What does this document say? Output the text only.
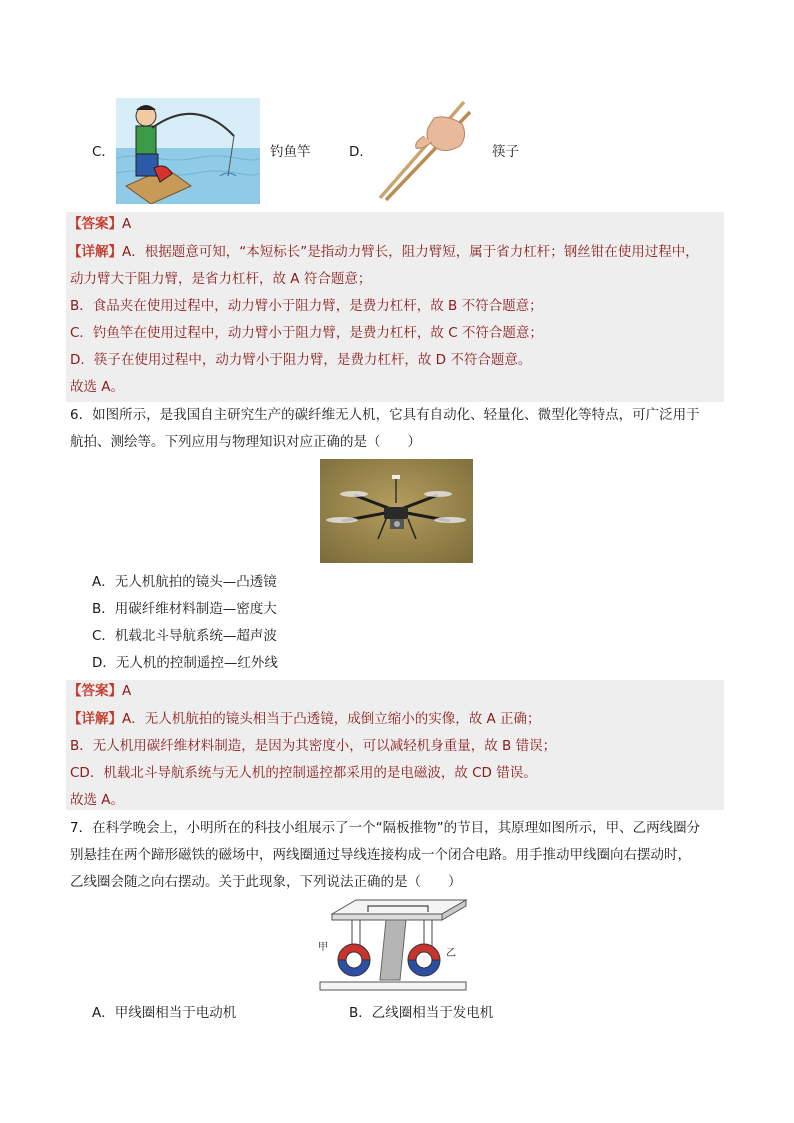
C．	钓鱼竿	D．	筷子
【答案】A
【详解】A．根据题意可知，“本短标长”是指动力臂长，阻力臂短，属于省力杠杆；钢丝钳在使用过程中，
动力臂大于阻力臂，是省力杠杆，故 A 符合题意；
B．食品夹在使用过程中，动力臂小于阻力臂，是费力杠杆，故 B 不符合题意；
C．钓鱼竿在使用过程中，动力臂小于阻力臂，是费力杠杆，故 C 不符合题意；
D．筷子在使用过程中，动力臂小于阻力臂，是费力杠杆，故 D 不符合题意。
故选 A。
6．如图所示，是我国自主研究生产的碳纤维无人机，它具有自动化、轻量化、微型化等特点，可广泛用于
航拍、测绘等。下列应用与物理知识对应正确的是（　　）
A．无人机航拍的镜头—凸透镜
B．用碳纤维材料制造—密度大
C．机载北斗导航系统—超声波
D．无人机的控制遥控—红外线
【答案】A
【详解】A．无人机航拍的镜头相当于凸透镜，成倒立缩小的实像，故 A 正确；
B．无人机用碳纤维材料制造，是因为其密度小，可以减轻机身重量，故 B 错误；
CD．机载北斗导航系统与无人机的控制遥控都采用的是电磁波，故 CD 错误。
故选 A。
7．在科学晚会上，小明所在的科技小组展示了一个“隔板推物”的节目，其原理如图所示，甲、乙两线圈分
别悬挂在两个蹄形磁铁的磁场中，两线圈通过导线连接构成一个闭合电路。用手推动甲线圈向右摆动时，
乙线圈会随之向右摆动。关于此现象，下列说法正确的是（　　）
甲
乙
A．甲线圈相当于电动机	B．乙线圈相当于发电机
